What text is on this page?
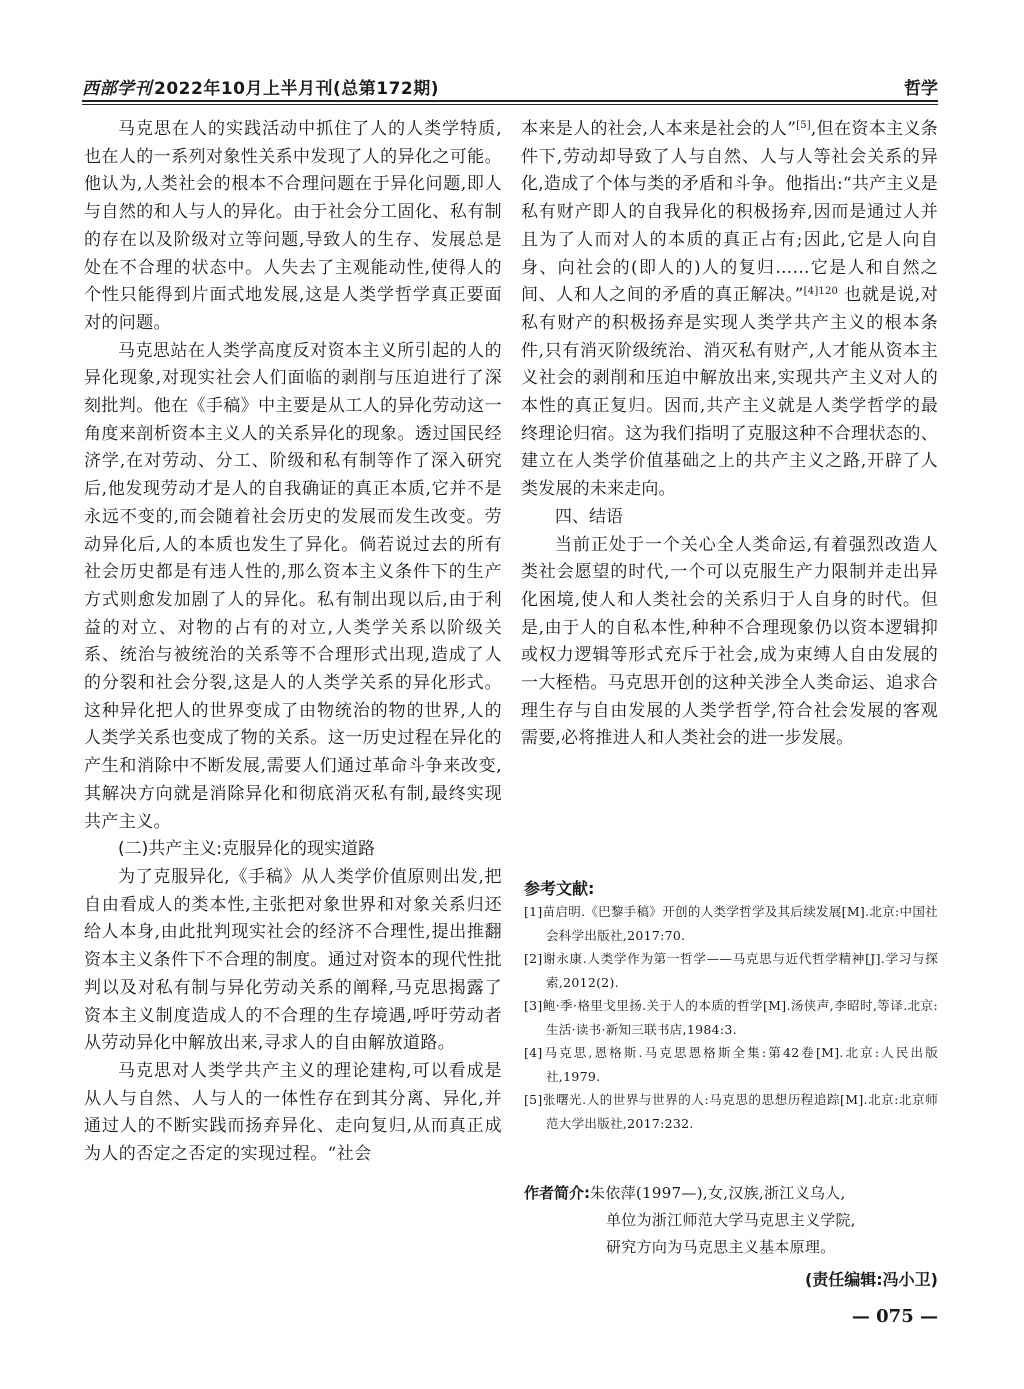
西部学刊 2022年10月上半月刊(总第172期)	哲学

马克思在人的实践活动中抓住了人的人类学特质,也在人的一系列对象性关系中发现了人的异化之可能。他认为,人类社会的根本不合理问题在于异化问题,即人与自然的和人与人的异化。由于社会分工固化、私有制的存在以及阶级对立等问题,导致人的生存、发展总是处在不合理的状态中。人失去了主观能动性,使得人的个性只能得到片面式地发展,这是人类学哲学真正要面对的问题。

马克思站在人类学高度反对资本主义所引起的人的异化现象,对现实社会人们面临的剥削与压迫进行了深刻批判。他在《手稿》中主要是从工人的异化劳动这一角度来剖析资本主义人的关系异化的现象。透过国民经济学,在对劳动、分工、阶级和私有制等作了深入研究后,他发现劳动才是人的自我确证的真正本质,它并不是永远不变的,而会随着社会历史的发展而发生改变。劳动异化后,人的本质也发生了异化。倘若说过去的所有社会历史都是有违人性的,那么资本主义条件下的生产方式则愈发加剧了人的异化。私有制出现以后,由于利益的对立、对物的占有的对立,人类学关系以阶级关系、统治与被统治的关系等不合理形式出现,造成了人的分裂和社会分裂,这是人的人类学关系的异化形式。这种异化把人的世界变成了由物统治的物的世界,人的人类学关系也变成了物的关系。这一历史过程在异化的产生和消除中不断发展,需要人们通过革命斗争来改变,其解决方向就是消除异化和彻底消灭私有制,最终实现共产主义。

(二)共产主义:克服异化的现实道路

为了克服异化,《手稿》从人类学价值原则出发,把自由看成人的类本性,主张把对象世界和对象关系归还给人本身,由此批判现实社会的经济不合理性,提出推翻资本主义条件下不合理的制度。通过对资本的现代性批判以及对私有制与异化劳动关系的阐释,马克思揭露了资本主义制度造成人的不合理的生存境遇,呼吁劳动者从劳动异化中解放出来,寻求人的自由解放道路。

马克思对人类学共产主义的理论建构,可以看成是从人与自然、人与人的一体性存在到其分离、异化,并通过人的不断实践而扬弃异化、走向复归,从而真正成为人的否定之否定的实现过程。“社会

本来是人的社会,人本来是社会的人”[5],但在资本主义条件下,劳动却导致了人与自然、人与人等社会关系的异化,造成了个体与类的矛盾和斗争。他指出:“共产主义是私有财产即人的自我异化的积极扬弃,因而是通过人并且为了人而对人的本质的真正占有;因此,它是人向自身、向社会的(即人的)人的复归……它是人和自然之间、人和人之间的矛盾的真正解决。”$^{[4]120}$ 也就是说,对私有财产的积极扬弃是实现人类学共产主义的根本条件,只有消灭阶级统治、消灭私有财产,人才能从资本主义社会的剥削和压迫中解放出来,实现共产主义对人的本性的真正复归。因而,共产主义就是人类学哲学的最终理论归宿。这为我们指明了克服这种不合理状态的、建立在人类学价值基础之上的共产主义之路,开辟了人类发展的未来走向。

四、结语

当前正处于一个关心全人类命运,有着强烈改造人类社会愿望的时代,一个可以克服生产力限制并走出异化困境,使人和人类社会的关系归于人自身的时代。但是,由于人的自私本性,种种不合理现象仍以资本逻辑抑或权力逻辑等形式充斥于社会,成为束缚人自由发展的一大桎梏。马克思开创的这种关涉全人类命运、追求合理生存与自由发展的人类学哲学,符合社会发展的客观需要,必将推进人和人类社会的进一步发展。

参考文献:
[1]苗启明.《巴黎手稿》开创的人类学哲学及其后续发展[M].北京:中国社会科学出版社,2017:70.
[2]谢永康.人类学作为第一哲学——马克思与近代哲学精神[J].学习与探索,2012(2).
[3]鲍·季·格里戈里扬.关于人的本质的哲学[M].汤侠声,李昭时,等译.北京:生活·读书·新知三联书店,1984:3.
[4]马克思,恩格斯.马克思恩格斯全集:第42卷[M].北京:人民出版社,1979.
[5]张曙光.人的世界与世界的人:马克思的思想历程追踪[M].北京:北京师范大学出版社,2017:232.
作者简介:朱依萍(1997—),女,汉族,浙江义乌人,
单位为浙江师范大学马克思主义学院,
研究方向为马克思主义基本原理。
(责任编辑:冯小卫)
— 075 —
